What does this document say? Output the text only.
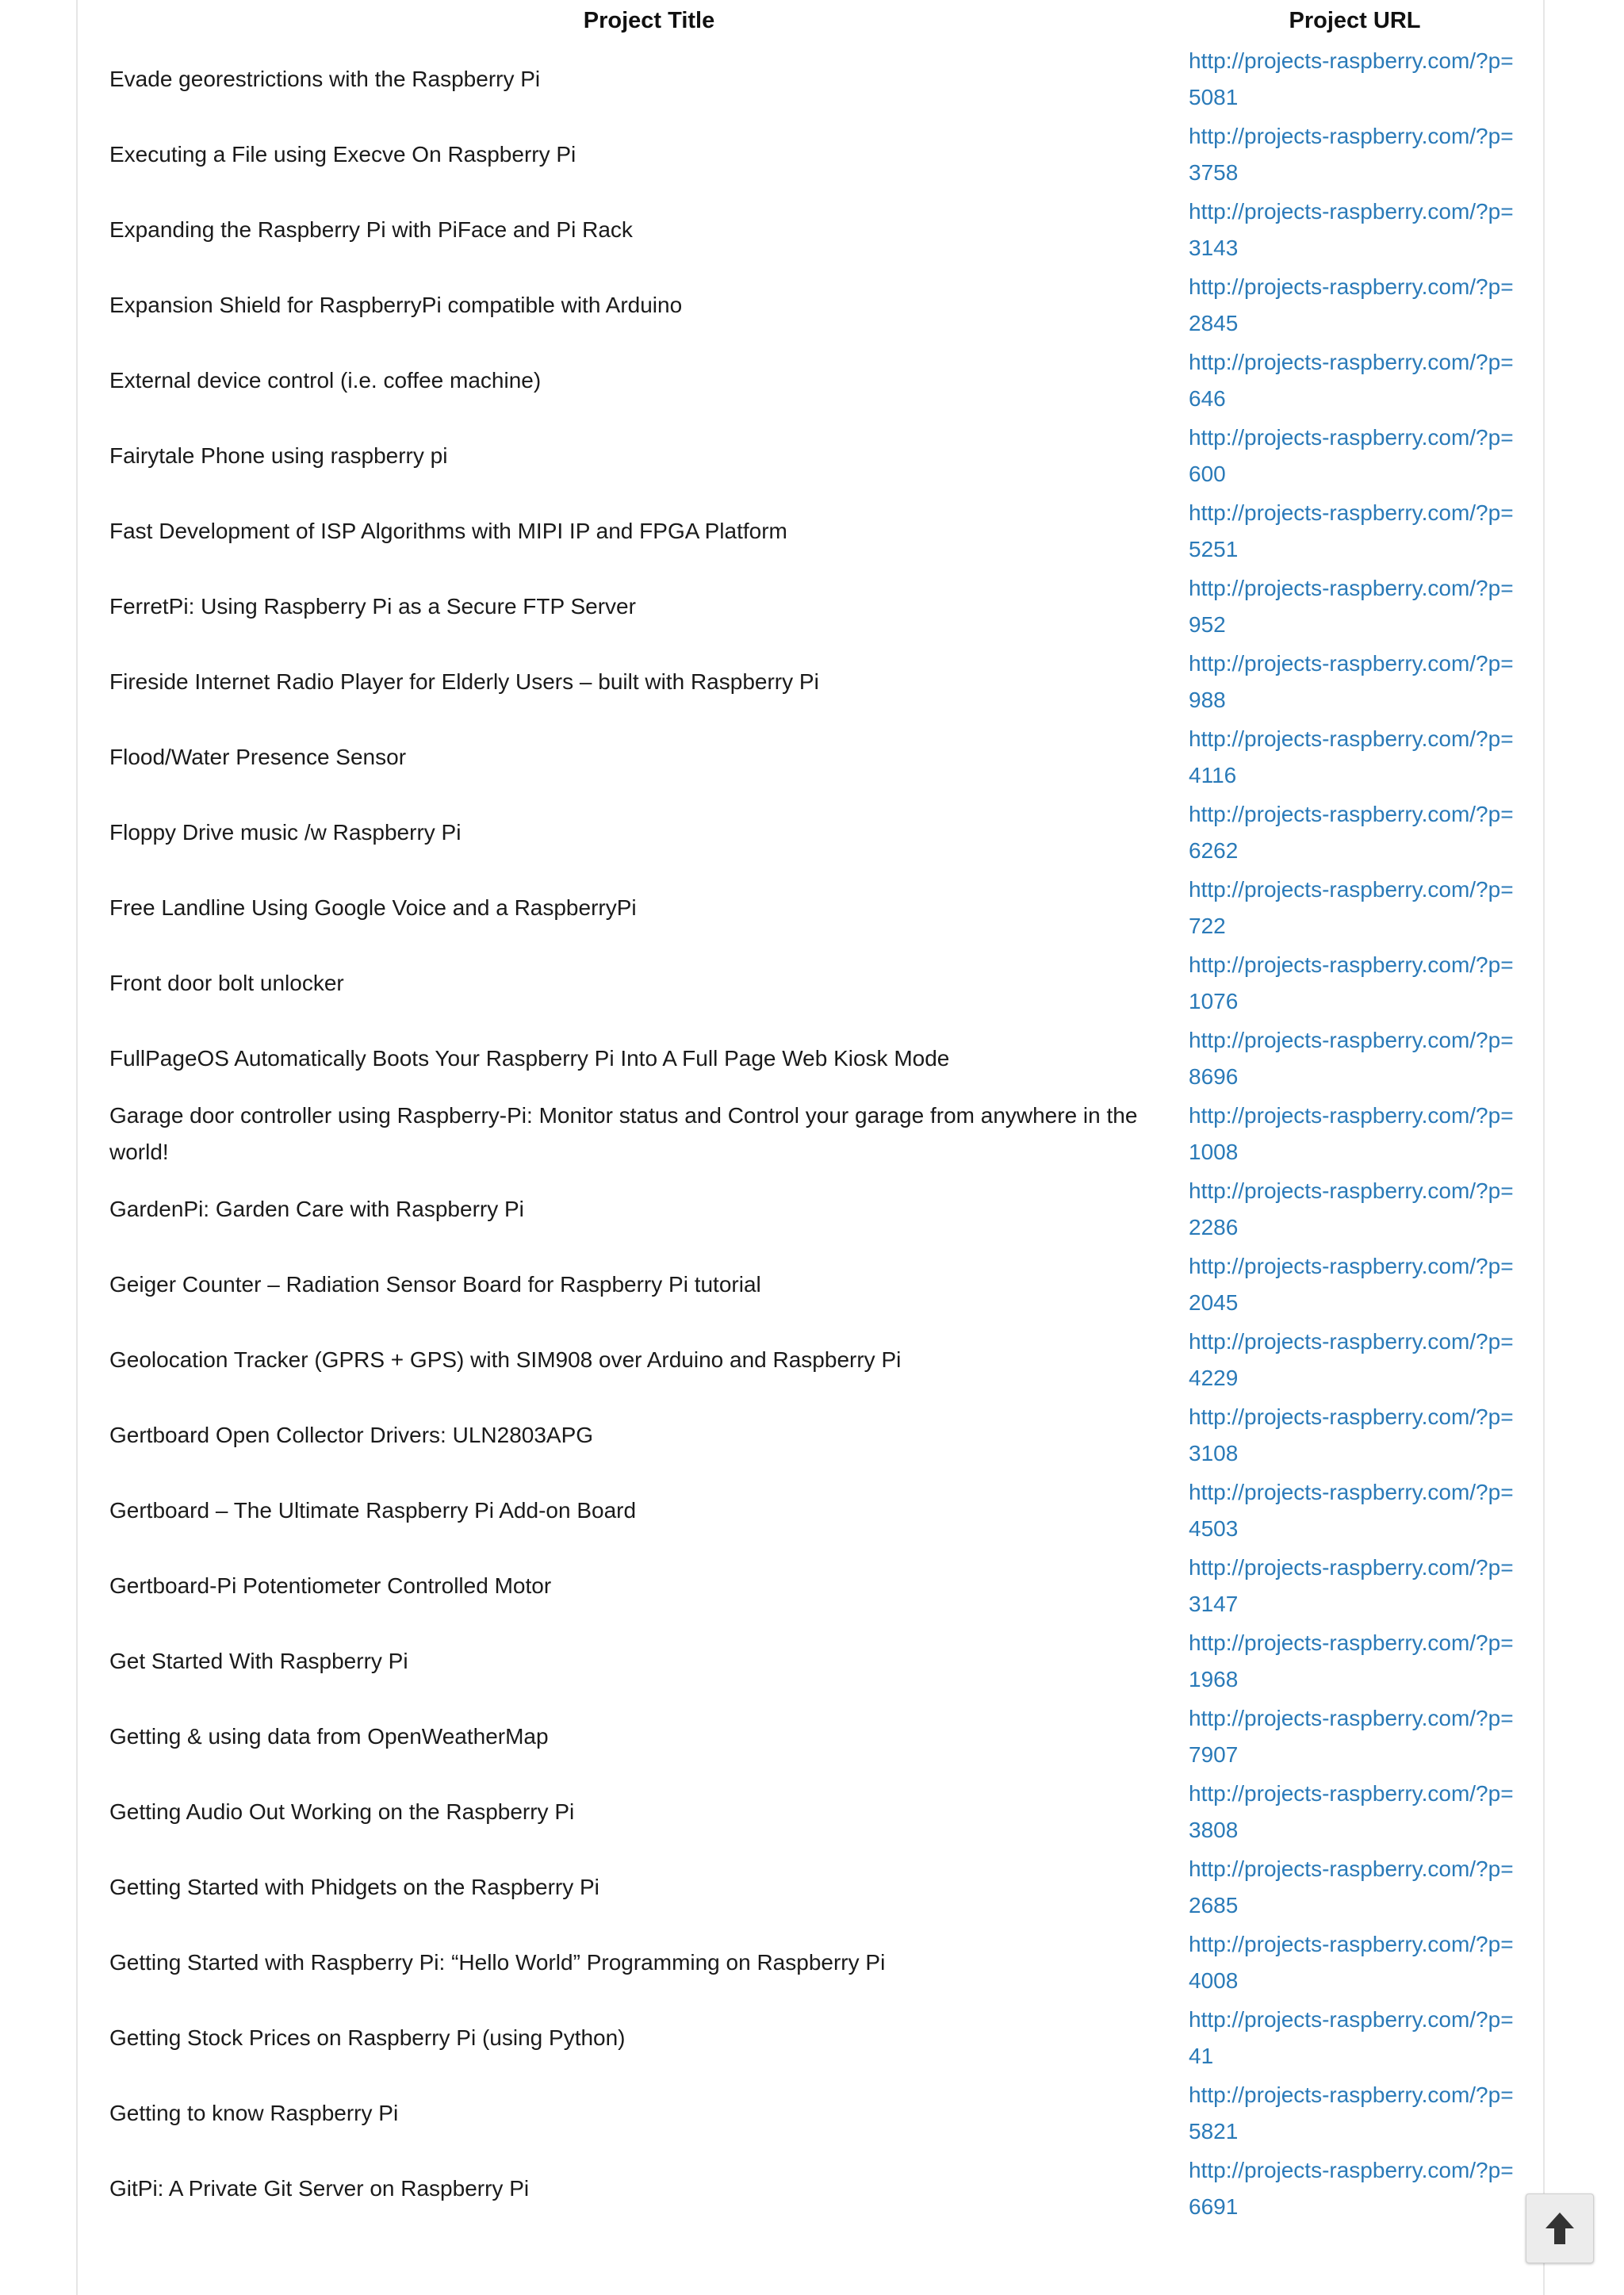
Project Title	Project URL
Evade georestrictions with the Raspberry Pi	http://projects-raspberry.com/?p=5081

Executing a File using Execve On Raspberry Pi	http://projects-raspberry.com/?p=3758

Expanding the Raspberry Pi with PiFace and Pi Rack	http://projects-raspberry.com/?p=3143

Expansion Shield for RaspberryPi compatible with Arduino	http://projects-raspberry.com/?p=2845

External device control (i.e. coffee machine)	http://projects-raspberry.com/?p=646

Fairytale Phone using raspberry pi	http://projects-raspberry.com/?p=600

Fast Development of ISP Algorithms with MIPI IP and FPGA Platform	http://projects-raspberry.com/?p=5251

FerretPi: Using Raspberry Pi as a Secure FTP Server	http://projects-raspberry.com/?p=952

Fireside Internet Radio Player for Elderly Users – built with Raspberry Pi	http://projects-raspberry.com/?p=988

Flood/Water Presence Sensor	http://projects-raspberry.com/?p=4116

Floppy Drive music /w Raspberry Pi	http://projects-raspberry.com/?p=6262

Free Landline Using Google Voice and a RaspberryPi	http://projects-raspberry.com/?p=722

Front door bolt unlocker	http://projects-raspberry.com/?p=1076

FullPageOS Automatically Boots Your Raspberry Pi Into A Full Page Web Kiosk Mode	http://projects-raspberry.com/?p=8696

Garage door controller using Raspberry-Pi: Monitor status and Control your garage from anywhere in the world!	http://projects-raspberry.com/?p=1008

GardenPi: Garden Care with Raspberry Pi	http://projects-raspberry.com/?p=2286

Geiger Counter – Radiation Sensor Board for Raspberry Pi tutorial	http://projects-raspberry.com/?p=2045

Geolocation Tracker (GPRS + GPS) with SIM908 over Arduino and Raspberry Pi	http://projects-raspberry.com/?p=4229

Gertboard Open Collector Drivers: ULN2803APG	http://projects-raspberry.com/?p=3108

Gertboard – The Ultimate Raspberry Pi Add-on Board	http://projects-raspberry.com/?p=4503

Gertboard-Pi Potentiometer Controlled Motor	http://projects-raspberry.com/?p=3147

Get Started With Raspberry Pi	http://projects-raspberry.com/?p=1968

Getting & using data from OpenWeatherMap	http://projects-raspberry.com/?p=7907

Getting Audio Out Working on the Raspberry Pi	http://projects-raspberry.com/?p=3808

Getting Started with Phidgets on the Raspberry Pi	http://projects-raspberry.com/?p=2685

Getting Started with Raspberry Pi: “Hello World” Programming on Raspberry Pi	http://projects-raspberry.com/?p=4008

Getting Stock Prices on Raspberry Pi (using Python)	http://projects-raspberry.com/?p=41

Getting to know Raspberry Pi	http://projects-raspberry.com/?p=5821

GitPi: A Private Git Server on Raspberry Pi	http://projects-raspberry.com/?p=6691
